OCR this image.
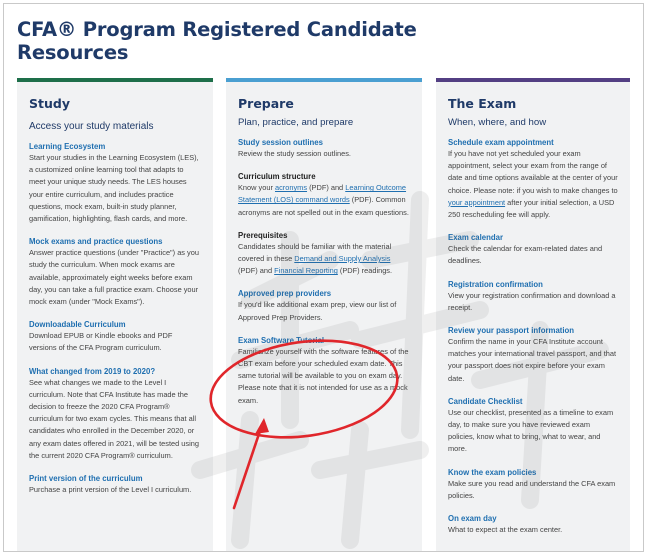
CFA® Program Registered Candidate Resources
Study
Access your study materials
Learning Ecosystem
Start your studies in the Learning Ecosystem (LES), a customized online learning tool that adapts to meet your unique study needs. The LES houses your entire curriculum, and includes practice questions, mock exam, built-in study planner, gamification, highlighting, flash cards, and more.
Mock exams and practice questions
Answer practice questions (under "Practice") as you study the curriculum. When mock exams are available, approximately eight weeks before exam day, you can take a full practice exam. Choose your mock exam (under "Mock Exams").
Downloadable Curriculum
Download EPUB or Kindle ebooks and PDF versions of the CFA Program curriculum.
What changed from 2019 to 2020?
See what changes we made to the Level I curriculum. Note that CFA Institute has made the decision to freeze the 2020 CFA Program® curriculum for two exam cycles. This means that all candidates who enrolled in the December 2020, or any exam dates offered in 2021, will be tested using the current 2020 CFA Program® curriculum.
Print version of the curriculum
Purchase a print version of the Level I curriculum.
Prepare
Plan, practice, and prepare
Study session outlines
Review the study session outlines.
Curriculum structure
Know your acronyms (PDF) and Learning Outcome Statement (LOS) command words (PDF). Common acronyms are not spelled out in the exam questions.
Prerequisites
Candidates should be familiar with the material covered in these Demand and Supply Analysis (PDF) and Financial Reporting (PDF) readings.
Approved prep providers
If you'd like additional exam prep, view our list of Approved Prep Providers.
Exam Software Tutorial
Familiarize yourself with the software features of the CBT exam before your scheduled exam date. This same tutorial will be available to you on exam day. Please note that it is not intended for use as a mock exam.
The Exam
When, where, and how
Schedule exam appointment
If you have not yet scheduled your exam appointment, select your exam from the range of date and time options available at the center of your choice. Please note: if you wish to make changes to your appointment after your initial selection, a USD 250 rescheduling fee will apply.
Exam calendar
Check the calendar for exam-related dates and deadlines.
Registration confirmation
View your registration confirmation and download a receipt.
Review your passport information
Confirm the name in your CFA Institute account matches your international travel passport, and that your passport does not expire before your exam date.
Candidate Checklist
Use our checklist, presented as a timeline to exam day, to make sure you have reviewed exam policies, know what to bring, what to wear, and more.
Know the exam policies
Make sure you read and understand the CFA exam policies.
On exam day
What to expect at the exam center.
